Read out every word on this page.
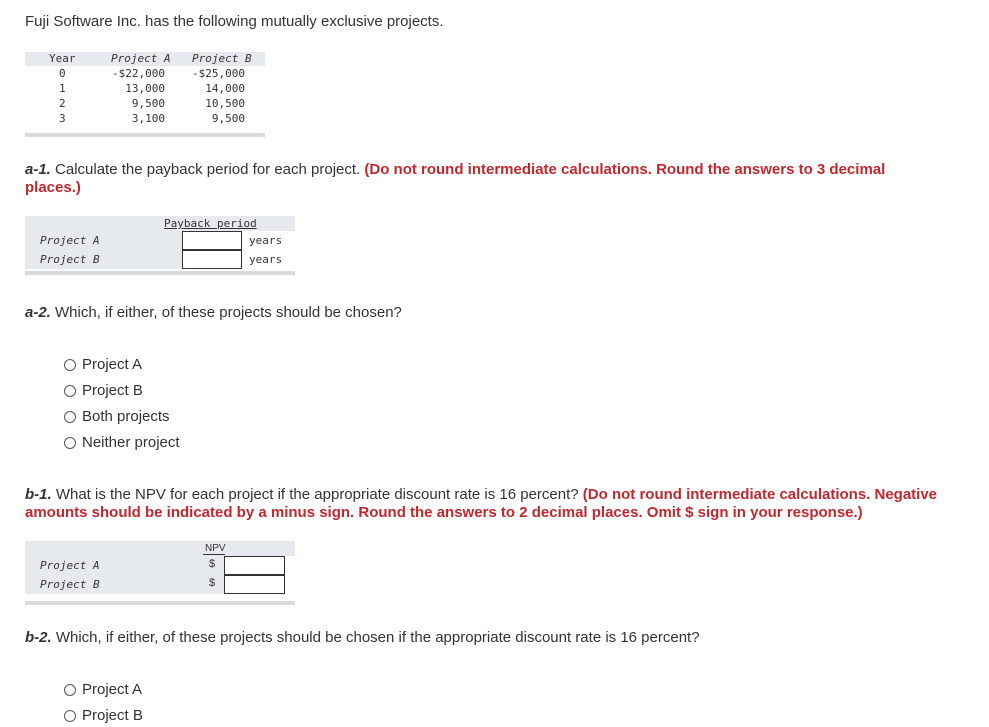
Fuji Software Inc. has the following mutually exclusive projects.
Year	Project A Project B
0	-$22,000 -$25,000
1	13,000	14,000
2	9,500	10,500
3	3,100	9,500
a-1. Calculate the payback period for each project. (Do not round intermediate calculations. Round the answers to 3 decimal places.)
Payback period
Project A	years
Project B	years
a-2. Which, if either, of these projects should be chosen?
Project A
Project B
Both projects
Neither project
b-1. What is the NPV for each project if the appropriate discount rate is 16 percent? (Do not round intermediate calculations. Negative amounts should be indicated by a minus sign. Round the answers to 2 decimal places. Omit $ sign in your response.)
NPV
Project A	$
Project B	$
b-2. Which, if either, of these projects should be chosen if the appropriate discount rate is 16 percent?
Project A
Project B
